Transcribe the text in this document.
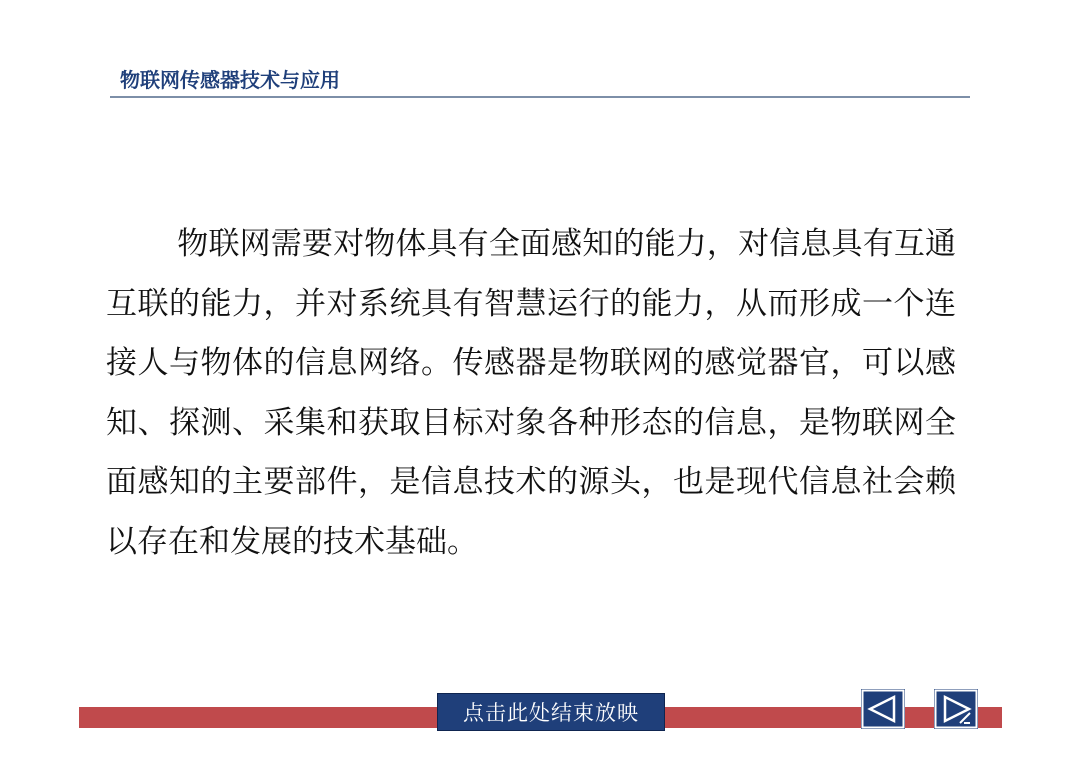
物联网传感器技术与应用
物联网需要对物体具有全面感知的能力，对信息具有互通互联的能力，并对系统具有智慧运行的能力，从而形成一个连接人与物体的信息网络。传感器是物联网的感觉器官，可以感知、探测、采集和获取目标对象各种形态的信息，是物联网全面感知的主要部件，是信息技术的源头，也是现代信息社会赖以存在和发展的技术基础。
点击此处结束放映
